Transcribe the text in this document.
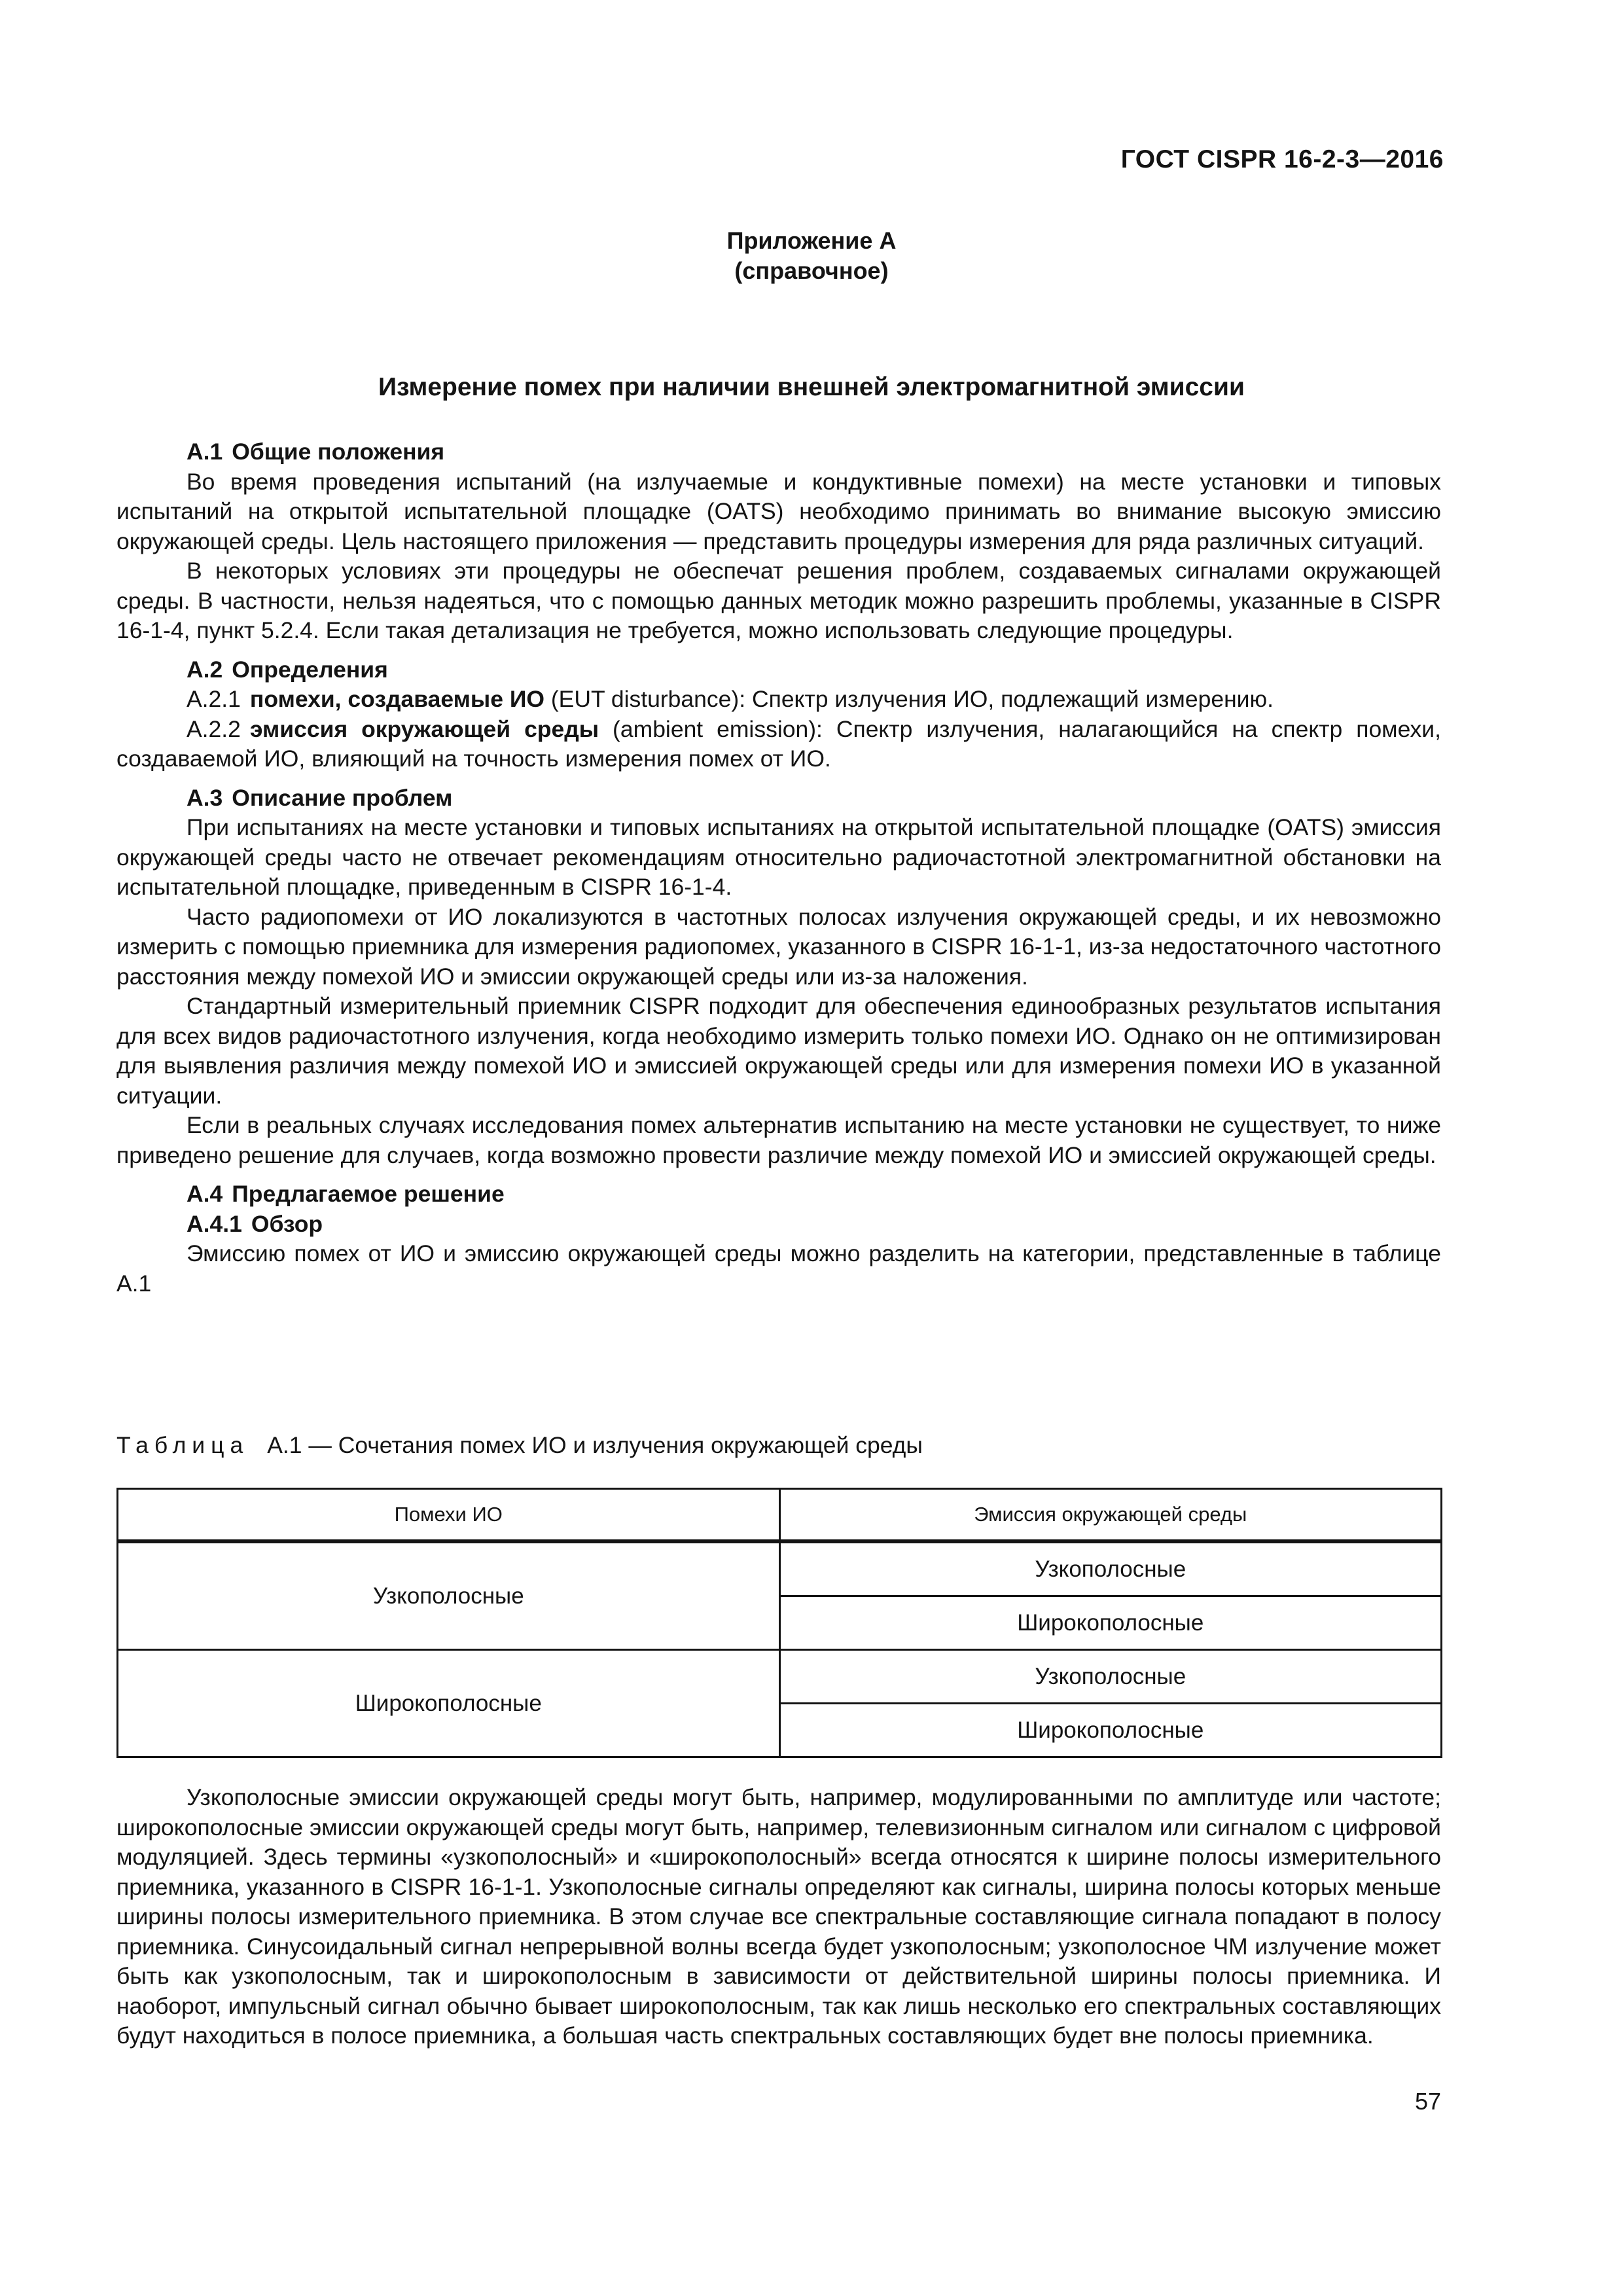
ГОСТ CISPR 16-2-3—2016
Приложение А
(справочное)
Измерение помех при наличии внешней электромагнитной эмиссии
А.1 Общие положения
Во время проведения испытаний (на излучаемые и кондуктивные помехи) на месте установки и типовых испытаний на открытой испытательной площадке (OATS) необходимо принимать во внимание высокую эмиссию окружающей среды. Цель настоящего приложения — представить процедуры измерения для ряда различных ситуаций.
В некоторых условиях эти процедуры не обеспечат решения проблем, создаваемых сигналами окружающей среды. В частности, нельзя надеяться, что с помощью данных методик можно разрешить проблемы, указанные в CISPR 16-1-4, пункт 5.2.4. Если такая детализация не требуется, можно использовать следующие процедуры.
А.2 Определения
А.2.1 помехи, создаваемые ИО (EUT disturbance): Спектр излучения ИО, подлежащий измерению.
А.2.2 эмиссия окружающей среды (ambient emission): Спектр излучения, налагающийся на спектр помехи, создаваемой ИО, влияющий на точность измерения помех от ИО.
А.3 Описание проблем
При испытаниях на месте установки и типовых испытаниях на открытой испытательной площадке (OATS) эмиссия окружающей среды часто не отвечает рекомендациям относительно радиочастотной электромагнитной обстановки на испытательной площадке, приведенным в CISPR 16-1-4.
Часто радиопомехи от ИО локализуются в частотных полосах излучения окружающей среды, и их невозможно измерить с помощью приемника для измерения радиопомех, указанного в CISPR 16-1-1, из-за недостаточного частотного расстояния между помехой ИО и эмиссии окружающей среды или из-за наложения.
Стандартный измерительный приемник CISPR подходит для обеспечения единообразных результатов испытания для всех видов радиочастотного излучения, когда необходимо измерить только помехи ИО. Однако он не оптимизирован для выявления различия между помехой ИО и эмиссией окружающей среды или для измерения помехи ИО в указанной ситуации.
Если в реальных случаях исследования помех альтернатив испытанию на месте установки не существует, то ниже приведено решение для случаев, когда возможно провести различие между помехой ИО и эмиссией окружающей среды.
А.4 Предлагаемое решение
А.4.1 Обзор
Эмиссию помех от ИО и эмиссию окружающей среды можно разделить на категории, представленные в таблице А.1
Таблица А.1 — Сочетания помех ИО и излучения окружающей среды
Помехи ИО	Эмиссия окружающей среды
Узкополосные	Узкополосные
	Широкополосные
Широкополосные	Узкополосные
	Широкополосные
Узкополосные эмиссии окружающей среды могут быть, например, модулированными по амплитуде или частоте; широкополосные эмиссии окружающей среды могут быть, например, телевизионным сигналом или сигналом с цифровой модуляцией. Здесь термины «узкополосный» и «широкополосный» всегда относятся к ширине полосы измерительного приемника, указанного в CISPR 16-1-1. Узкополосные сигналы определяют как сигналы, ширина полосы которых меньше ширины полосы измерительного приемника. В этом случае все спектральные составляющие сигнала попадают в полосу приемника. Синусоидальный сигнал непрерывной волны всегда будет узкополосным; узкополосное ЧМ излучение может быть как узкополосным, так и широкополосным в зависимости от действительной ширины полосы приемника. И наоборот, импульсный сигнал обычно бывает широкополосным, так как лишь несколько его спектральных составляющих будут находиться в полосе приемника, а большая часть спектральных составляющих будет вне полосы приемника.
57
